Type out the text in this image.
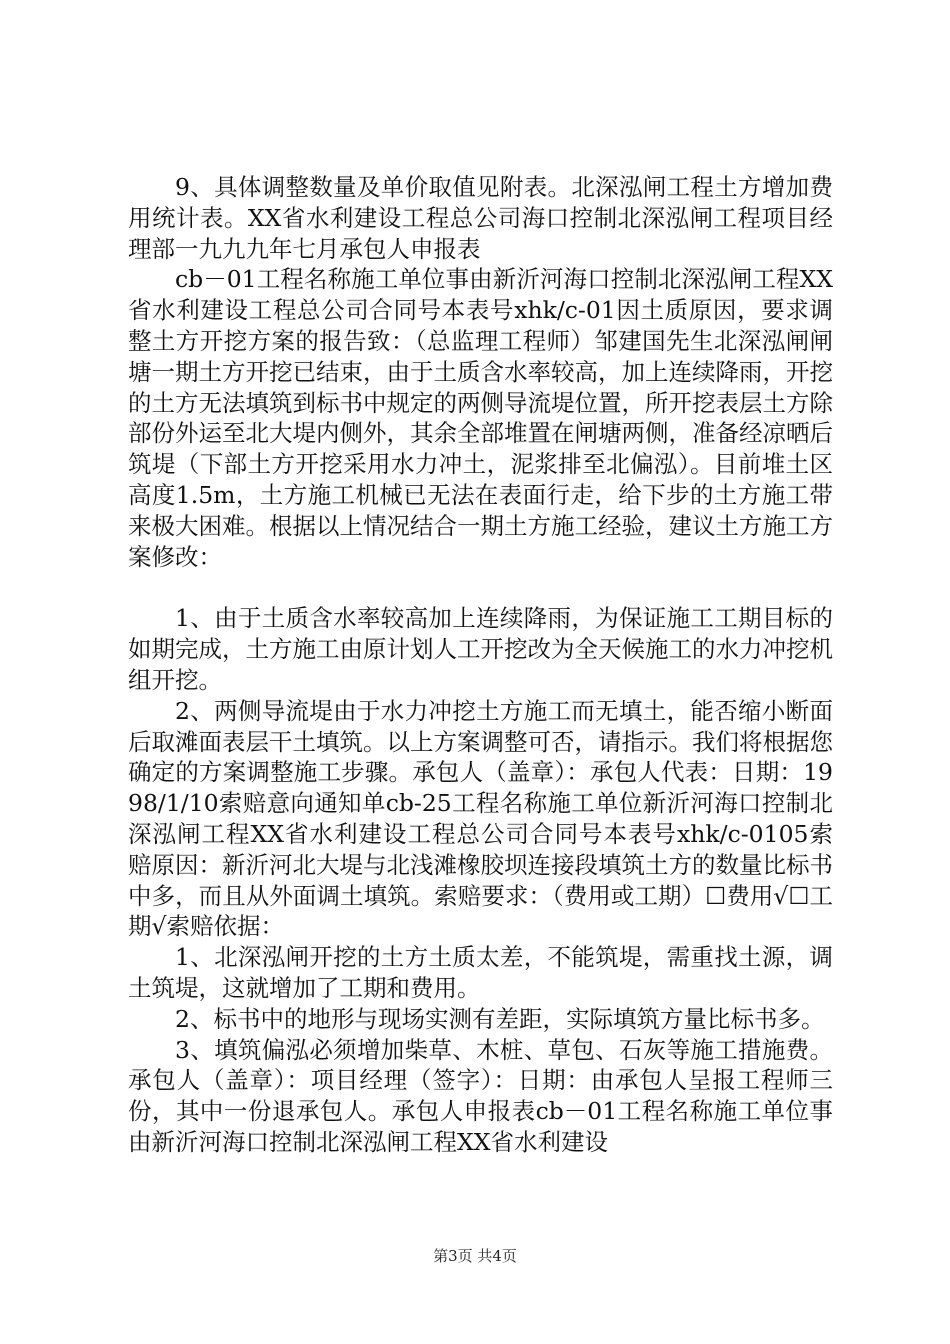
9、具体调整数量及单价取值见附表。北深泓闸工程土方增加费用统计表。XX省水利建设工程总公司海口控制北深泓闸工程项目经理部一九九九年七月承包人申报表

cb－01工程名称施工单位事由新沂河海口控制北深泓闸工程XX省水利建设工程总公司合同号本表号xhk/c-01因土质原因，要求调整土方开挖方案的报告致：（总监理工程师）邹建国先生北深泓闸闸塘一期土方开挖已结束，由于土质含水率较高，加上连续降雨，开挖的土方无法填筑到标书中规定的两侧导流堤位置，所开挖表层土方除部份外运至北大堤内侧外，其余全部堆置在闸塘两侧，准备经凉晒后筑堤（下部土方开挖采用水力冲土，泥浆排至北偏泓）。目前堆土区高度1.5m，土方施工机械已无法在表面行走，给下步的土方施工带来极大困难。根据以上情况结合一期土方施工经验，建议土方施工方案修改：

1、由于土质含水率较高加上连续降雨，为保证施工工期目标的如期完成，土方施工由原计划人工开挖改为全天候施工的水力冲挖机组开挖。

2、两侧导流堤由于水力冲挖土方施工而无填土，能否缩小断面后取滩面表层干土填筑。以上方案调整可否，请指示。我们将根据您确定的方案调整施工步骤。承包人（盖章）：承包人代表：日期：1998/1/10索赔意向通知单cb-25工程名称施工单位新沂河海口控制北深泓闸工程XX省水利建设工程总公司合同号本表号xhk/c-0105索赔原因：新沂河北大堤与北浅滩橡胶坝连接段填筑土方的数量比标书中多，而且从外面调土填筑。索赔要求：（费用或工期）☐费用√☐工期√索赔依据：

1、北深泓闸开挖的土方土质太差，不能筑堤，需重找土源，调土筑堤，这就增加了工期和费用。

2、标书中的地形与现场实测有差距，实际填筑方量比标书多。

3、填筑偏泓必须增加柴草、木桩、草包、石灰等施工措施费。承包人（盖章）：项目经理（签字）：日期：由承包人呈报工程师三份，其中一份退承包人。承包人申报表cb－01工程名称施工单位事由新沂河海口控制北深泓闸工程XX省水利建设

第3页 共4页
